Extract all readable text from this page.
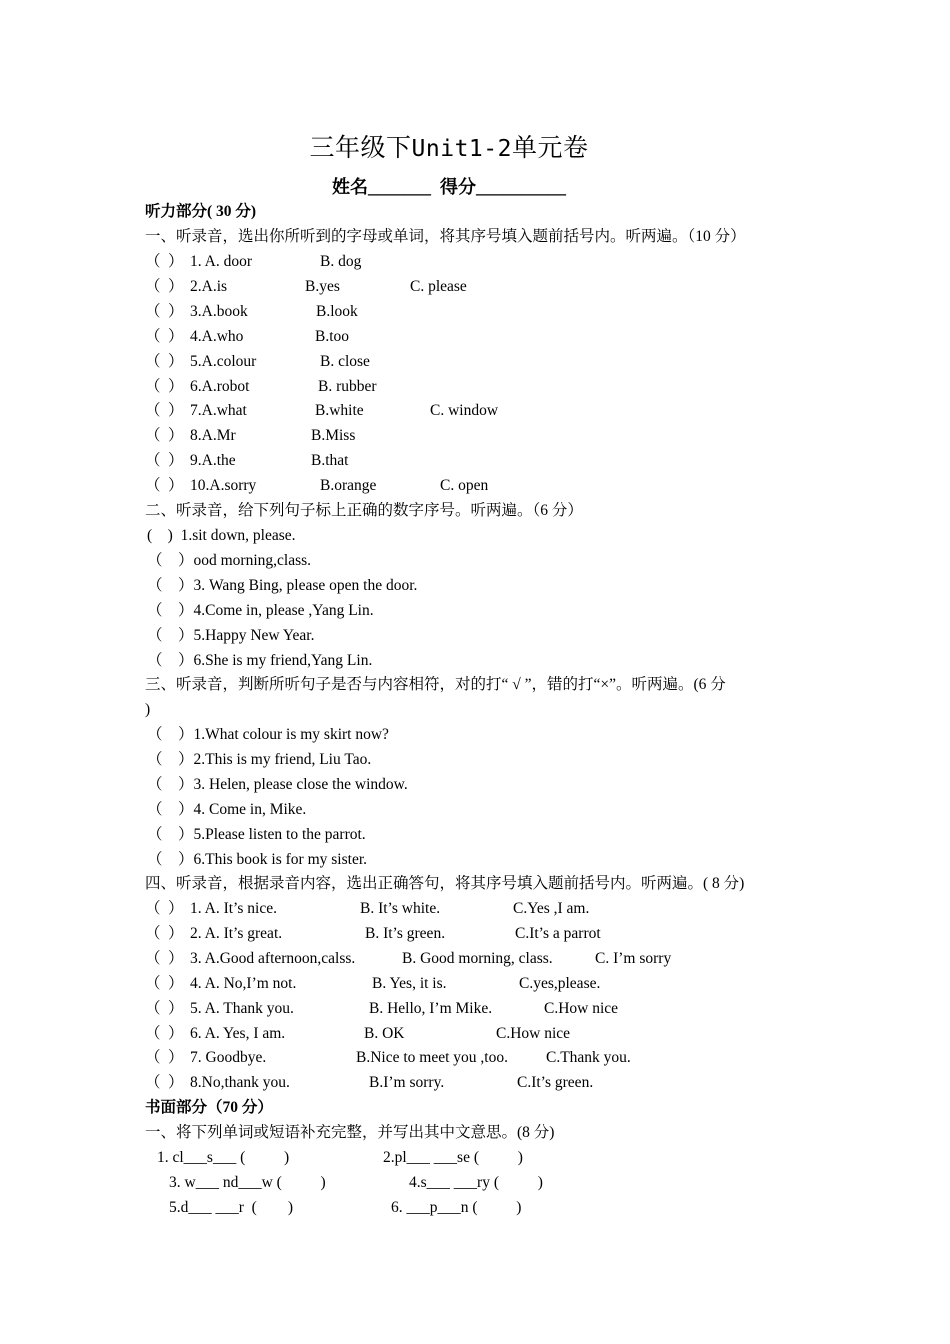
三年级下Unit1-2单元卷
姓名_______  得分__________
听力部分( 30 分)
一、听录音，选出你所听到的字母或单词，将其序号填入题前括号内。听两遍。（10 分）
（ ） 1. A. door	B. dog
（ ） 2.A.is	B.yes	C. please
（ ） 3.A.book	B.look
（ ） 4.A.who	B.too
（ ） 5.A.colour	B. close
（ ） 6.A.robot	B. rubber
（ ） 7.A.what	B.white	C. window
（ ） 8.A.Mr	B.Miss
（ ） 9.A.the	B.that
（ ） 10.A.sorry	B.orange	C. open
二、听录音，给下列句子标上正确的数字序号。听两遍。（6 分）
(    )  1.sit down, please.
（    ）ood morning,class.
（    ）3. Wang Bing, please open the door.
（    ）4.Come in, please ,Yang Lin.
（    ）5.Happy New Year.
（    ）6.She is my friend,Yang Lin.
三、听录音，判断所听句子是否与内容相符，对的打“ √ ”，错的打“×”。听两遍。(6 分
)
（    ）1.What colour is my skirt now?
（    ）2.This is my friend, Liu Tao.
（    ）3. Helen, please close the window.
（    ）4. Come in, Mike.
（    ）5.Please listen to the parrot.
（    ）6.This book is for my sister.
四、听录音，根据录音内容，选出正确答句，将其序号填入题前括号内。听两遍。( 8 分)
（ ） 1. A. It’s nice.	B. It’s white.	C.Yes ,I am.
（ ） 2. A. It’s great.	B. It’s green.	C.It’s a parrot
（ ） 3. A.Good afternoon,calss.	B. Good morning, class.	C. I’m sorry
（ ） 4. A. No,I’m not.	B. Yes, it is.	C.yes,please.
（ ） 5. A. Thank you.	B. Hello, I’m Mike.	C.How nice
（ ） 6. A. Yes, I am.	B. OK	C.How nice
（ ） 7. Goodbye.	B.Nice to meet you ,too. C.Thank you.
（ ） 8.No,thank you.	B.I’m sorry.	C.It’s green.
书面部分（70 分）
一、将下列单词或短语补充完整，并写出其中文意思。(8 分)
1. cl___s___ (          )	2.pl___ ___se (          )
3. w___ nd___w (          )	4.s___ ___ry (          )
5.d___ ___r  (        )	6. ___p___n (          )
